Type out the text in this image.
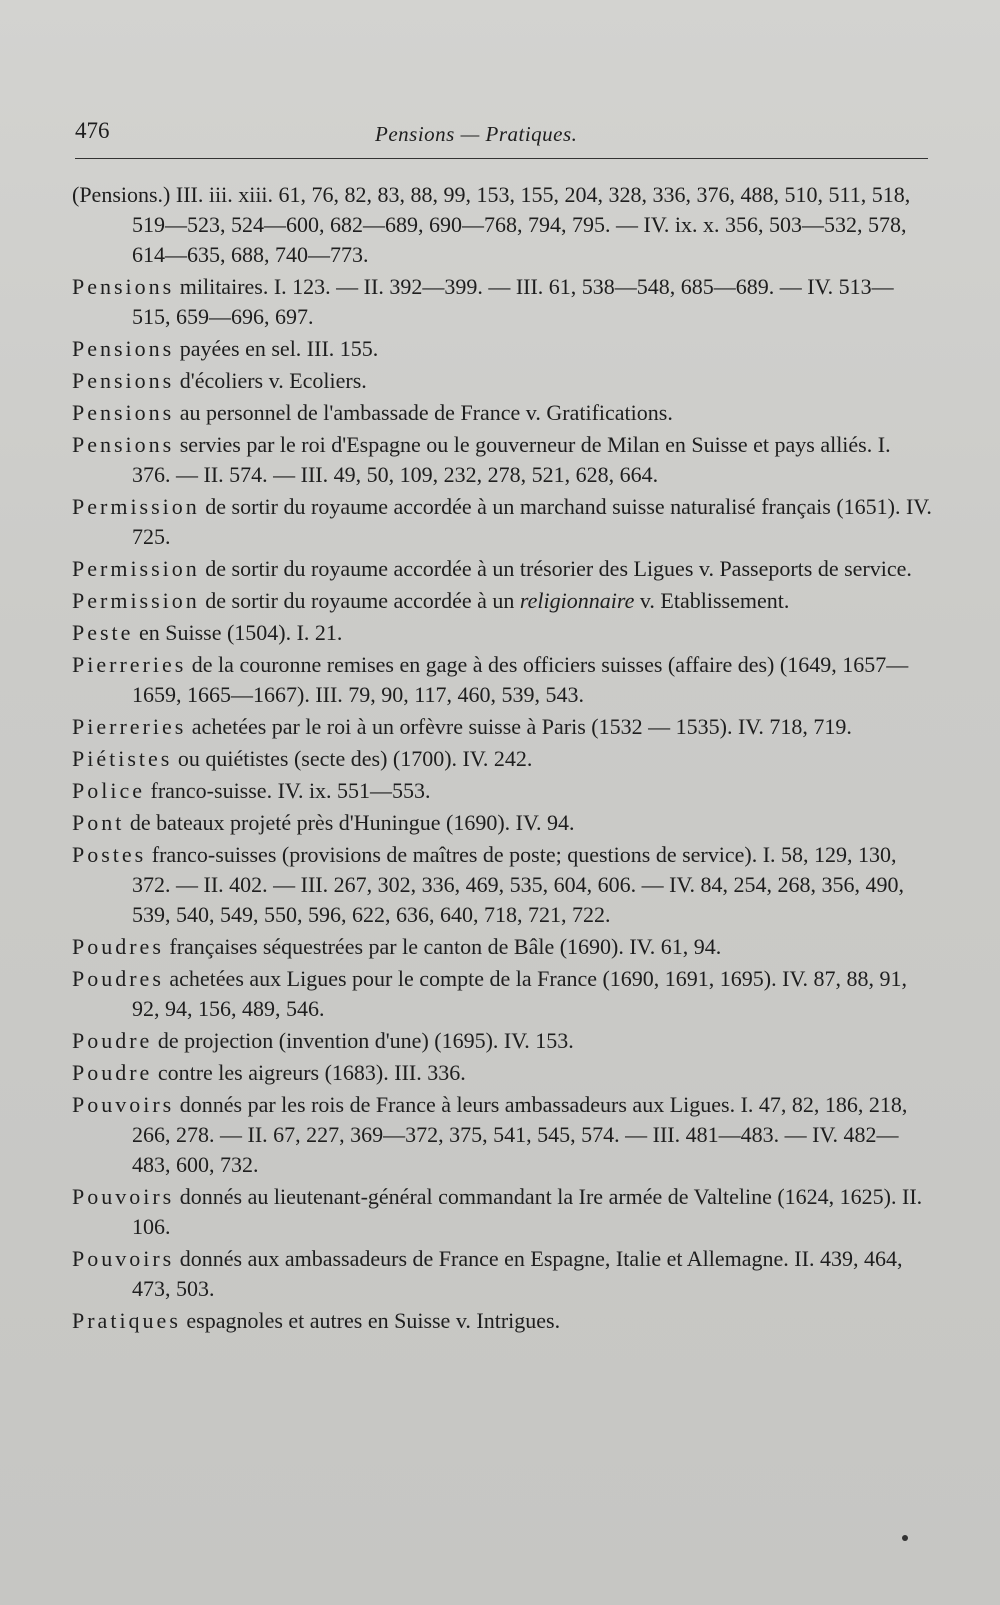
476	Pensions — Pratiques.

(Pensions.) III. iii. xiii. 61, 76, 82, 83, 88, 99, 153, 155, 204, 328, 336, 376, 488, 510, 511, 518, 519—523, 524—600, 682—689, 690—768, 794, 795. — IV. ix. x. 356, 503—532, 578, 614—635, 688, 740—773.

Pensions militaires. I. 123. — II. 392—399. — III. 61, 538—548, 685—689. — IV. 513—515, 659—696, 697.

Pensions payées en sel. III. 155.

Pensions d'écoliers v. Ecoliers.

Pensions au personnel de l'ambassade de France v. Gratifications.

Pensions servies par le roi d'Espagne ou le gouverneur de Milan en Suisse et pays alliés. I. 376. — II. 574. — III. 49, 50, 109, 232, 278, 521, 628, 664.

Permission de sortir du royaume accordée à un marchand suisse naturalisé français (1651). IV. 725.

Permission de sortir du royaume accordée à un trésorier des Ligues v. Passeports de service.

Permission de sortir du royaume accordée à un religionnaire v. Etablissement.

Peste en Suisse (1504). I. 21.

Pierreries de la couronne remises en gage à des officiers suisses (affaire des) (1649, 1657—1659, 1665—1667). III. 79, 90, 117, 460, 539, 543.

Pierreries achetées par le roi à un orfèvre suisse à Paris (1532 — 1535). IV. 718, 719.

Piétistes ou quiétistes (secte des) (1700). IV. 242.

Police franco-suisse. IV. ix. 551—553.

Pont de bateaux projeté près d'Huningue (1690). IV. 94.

Postes franco-suisses (provisions de maîtres de poste; questions de service). I. 58, 129, 130, 372. — II. 402. — III. 267, 302, 336, 469, 535, 604, 606. — IV. 84, 254, 268, 356, 490, 539, 540, 549, 550, 596, 622, 636, 640, 718, 721, 722.

Poudres françaises séquestrées par le canton de Bâle (1690). IV. 61, 94.

Poudres achetées aux Ligues pour le compte de la France (1690, 1691, 1695). IV. 87, 88, 91, 92, 94, 156, 489, 546.

Poudre de projection (invention d'une) (1695). IV. 153.

Poudre contre les aigreurs (1683). III. 336.

Pouvoirs donnés par les rois de France à leurs ambassadeurs aux Ligues. I. 47, 82, 186, 218, 266, 278. — II. 67, 227, 369—372, 375, 541, 545, 574. — III. 481—483. — IV. 482—483, 600, 732.

Pouvoirs donnés au lieutenant-général commandant la Ire armée de Valteline (1624, 1625). II. 106.

Pouvoirs donnés aux ambassadeurs de France en Espagne, Italie et Allemagne. II. 439, 464, 473, 503.

Pratiques espagnoles et autres en Suisse v. Intrigues.
